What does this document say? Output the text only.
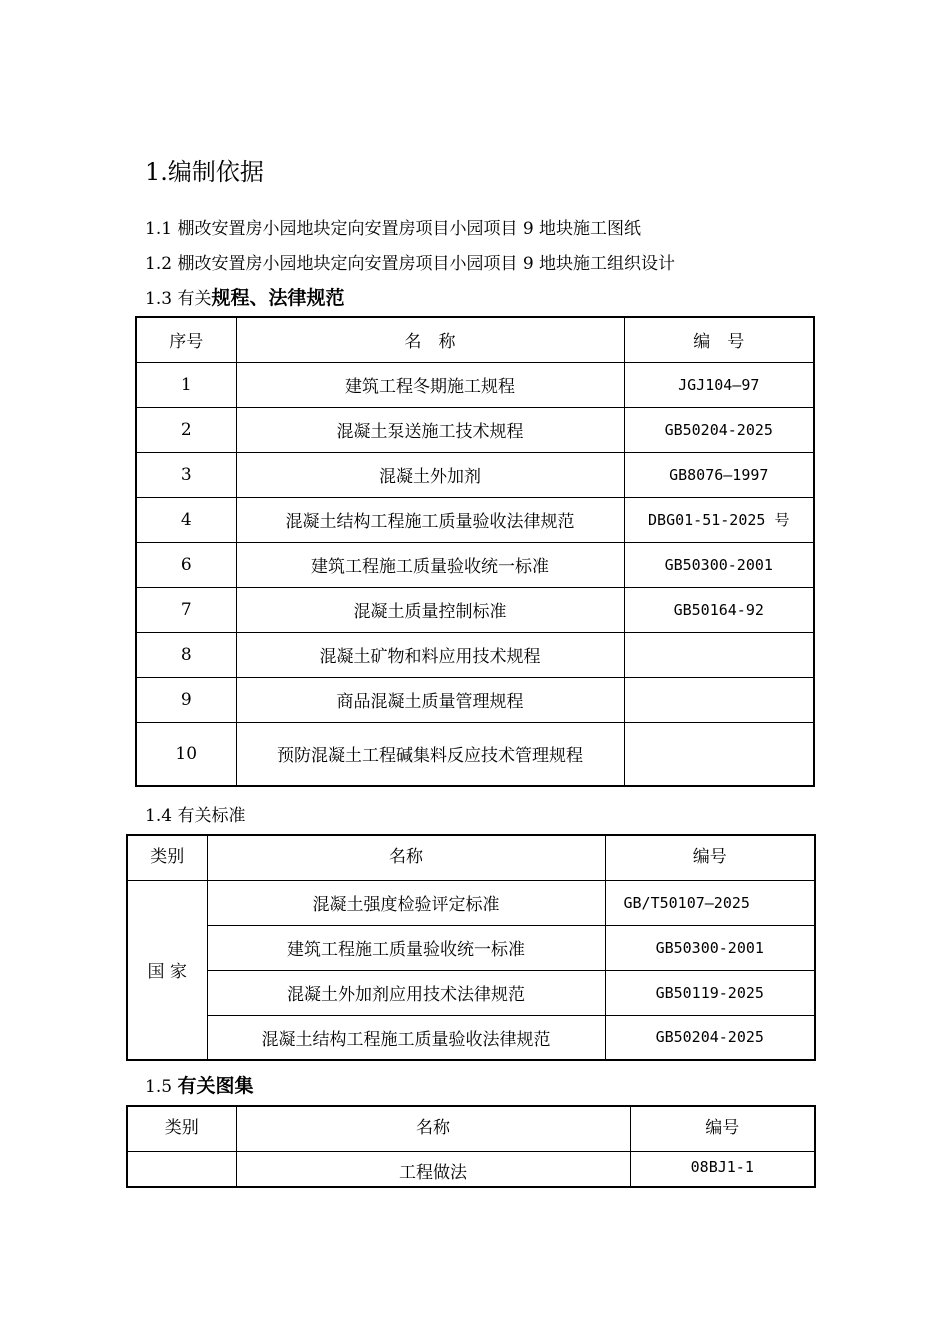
1.编制依据
1.1 棚改安置房小园地块定向安置房项目小园项目 9 地块施工图纸
1.2 棚改安置房小园地块定向安置房项目小园项目 9 地块施工组织设计
1.3 有关规程、法律规范
序号	名　称	编　号
1	建筑工程冬期施工规程	JGJ104—97
2	混凝土泵送施工技术规程	GB50204-2025
3	混凝土外加剂	GB8076—1997
4	混凝土结构工程施工质量验收法律规范	DBG01-51-2025 号
6	建筑工程施工质量验收统一标准	GB50300-2001
7	混凝土质量控制标准	GB50164-92
8	混凝土矿物和料应用技术规程	
9	商品混凝土质量管理规程	
10	预防混凝土工程碱集料反应技术管理规程	
1.4 有关标准
类别	名称	编号
国 家	混凝土强度检验评定标准	GB/T50107—2025
	建筑工程施工质量验收统一标准	GB50300-2001
	混凝土外加剂应用技术法律规范	GB50119-2025
	混凝土结构工程施工质量验收法律规范	GB50204-2025
1.5 有关图集
类别	名称	编号
	工程做法	08BJ1-1
